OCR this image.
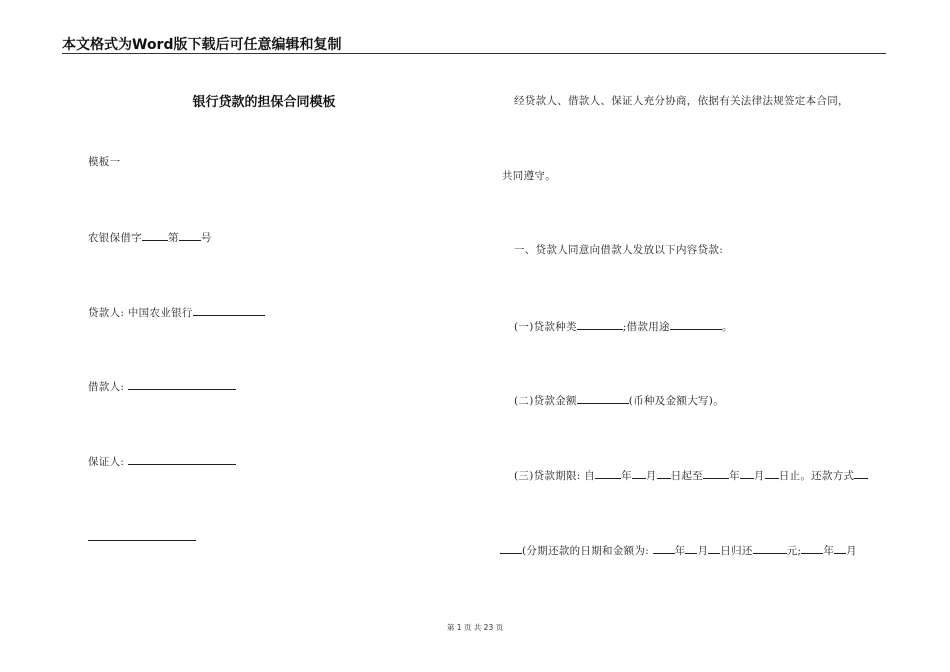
本文格式为Word版下载后可任意编辑和复制
银行贷款的担保合同模板
模板一
农银保借字 第 号
贷款人: 中国农业银行
借款人:
保证人:
经贷款人、借款人、保证人充分协商，依据有关法律法规签定本合同，
共同遵守。
一、贷款人同意向借款人发放以下内容贷款:
(一)贷款种类	;借款用途	。
(二)贷款金额	(币种及金额大写)。
(三)贷款期限: 自 年 月 日起至 年 月 日止。还款方式
(分期还款的日期和金额为: 年 月 日归还	元; 年 月
第 1 页 共 23 页
